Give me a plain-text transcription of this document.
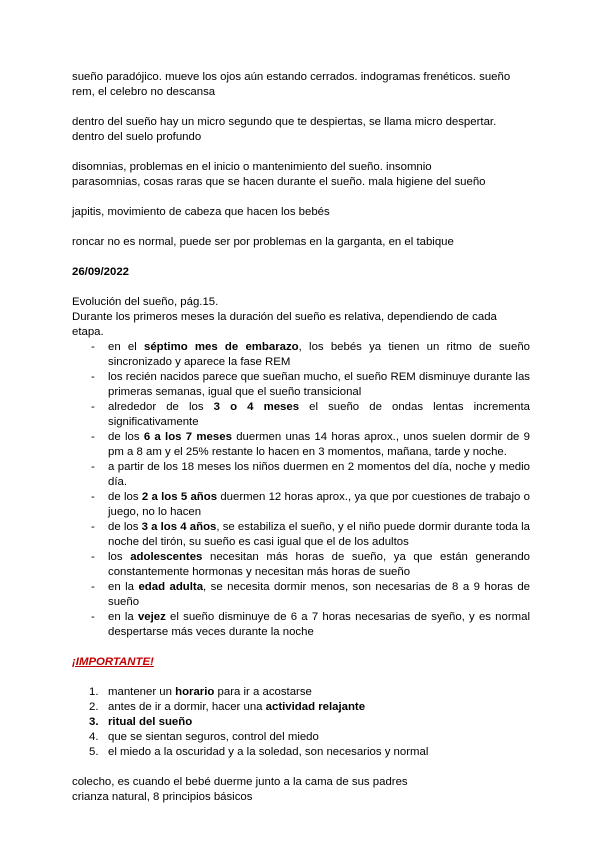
sueño paradójico. mueve los ojos aún estando cerrados. indogramas frenéticos. sueño rem, el celebro no descansa

dentro del sueño hay un micro segundo que te despiertas, se llama micro despertar. dentro del suelo profundo

disomnias, problemas en el inicio o mantenimiento del sueño. insomnio

parasomnias, cosas raras que se hacen durante el sueño. mala higiene del sueño

japitis, movimiento de cabeza que hacen los bebés

roncar no es normal, puede ser por problemas en la garganta, en el tabique

26/09/2022

Evolución del sueño, pág.15.

Durante los primeros meses la duración del sueño es relativa, dependiendo de cada etapa.

- en el séptimo mes de embarazo, los bebés ya tienen un ritmo de sueño sincronizado y aparece la fase REM
- los recién nacidos parece que sueñan mucho, el sueño REM disminuye durante las primeras semanas, igual que el sueño transicional
- alrededor de los 3 o 4 meses el sueño de ondas lentas incrementa significativamente
- de los 6 a los 7 meses duermen unas 14 horas aprox., unos suelen dormir de 9 pm a 8 am y el 25% restante lo hacen en 3 momentos, mañana, tarde y noche.
- a partir de los 18 meses los niños duermen en 2 momentos del día, noche y medio día.
- de los 2 a los 5 años duermen 12 horas aprox., ya que por cuestiones de trabajo o juego, no lo hacen
- de los 3 a los 4 años, se estabiliza el sueño, y el niño puede dormir durante toda la noche del tirón, su sueño es casi igual que el de los adultos
- los adolescentes necesitan más horas de sueño, ya que están generando constantemente hormonas y necesitan más horas de sueño
- en la edad adulta, se necesita dormir menos, son necesarias de 8 a 9 horas de sueño
- en la vejez el sueño disminuye de 6 a 7 horas necesarias de syeño, y es normal despertarse más veces durante la noche

¡IMPORTANTE!

1. mantener un horario para ir a acostarse
2. antes de ir a dormir, hacer una actividad relajante
3. ritual del sueño
4. que se sientan seguros, control del miedo
5. el miedo a la oscuridad y a la soledad, son necesarios y normal

colecho, es cuando el bebé duerme junto a la cama de sus padres

crianza natural, 8 principios básicos
